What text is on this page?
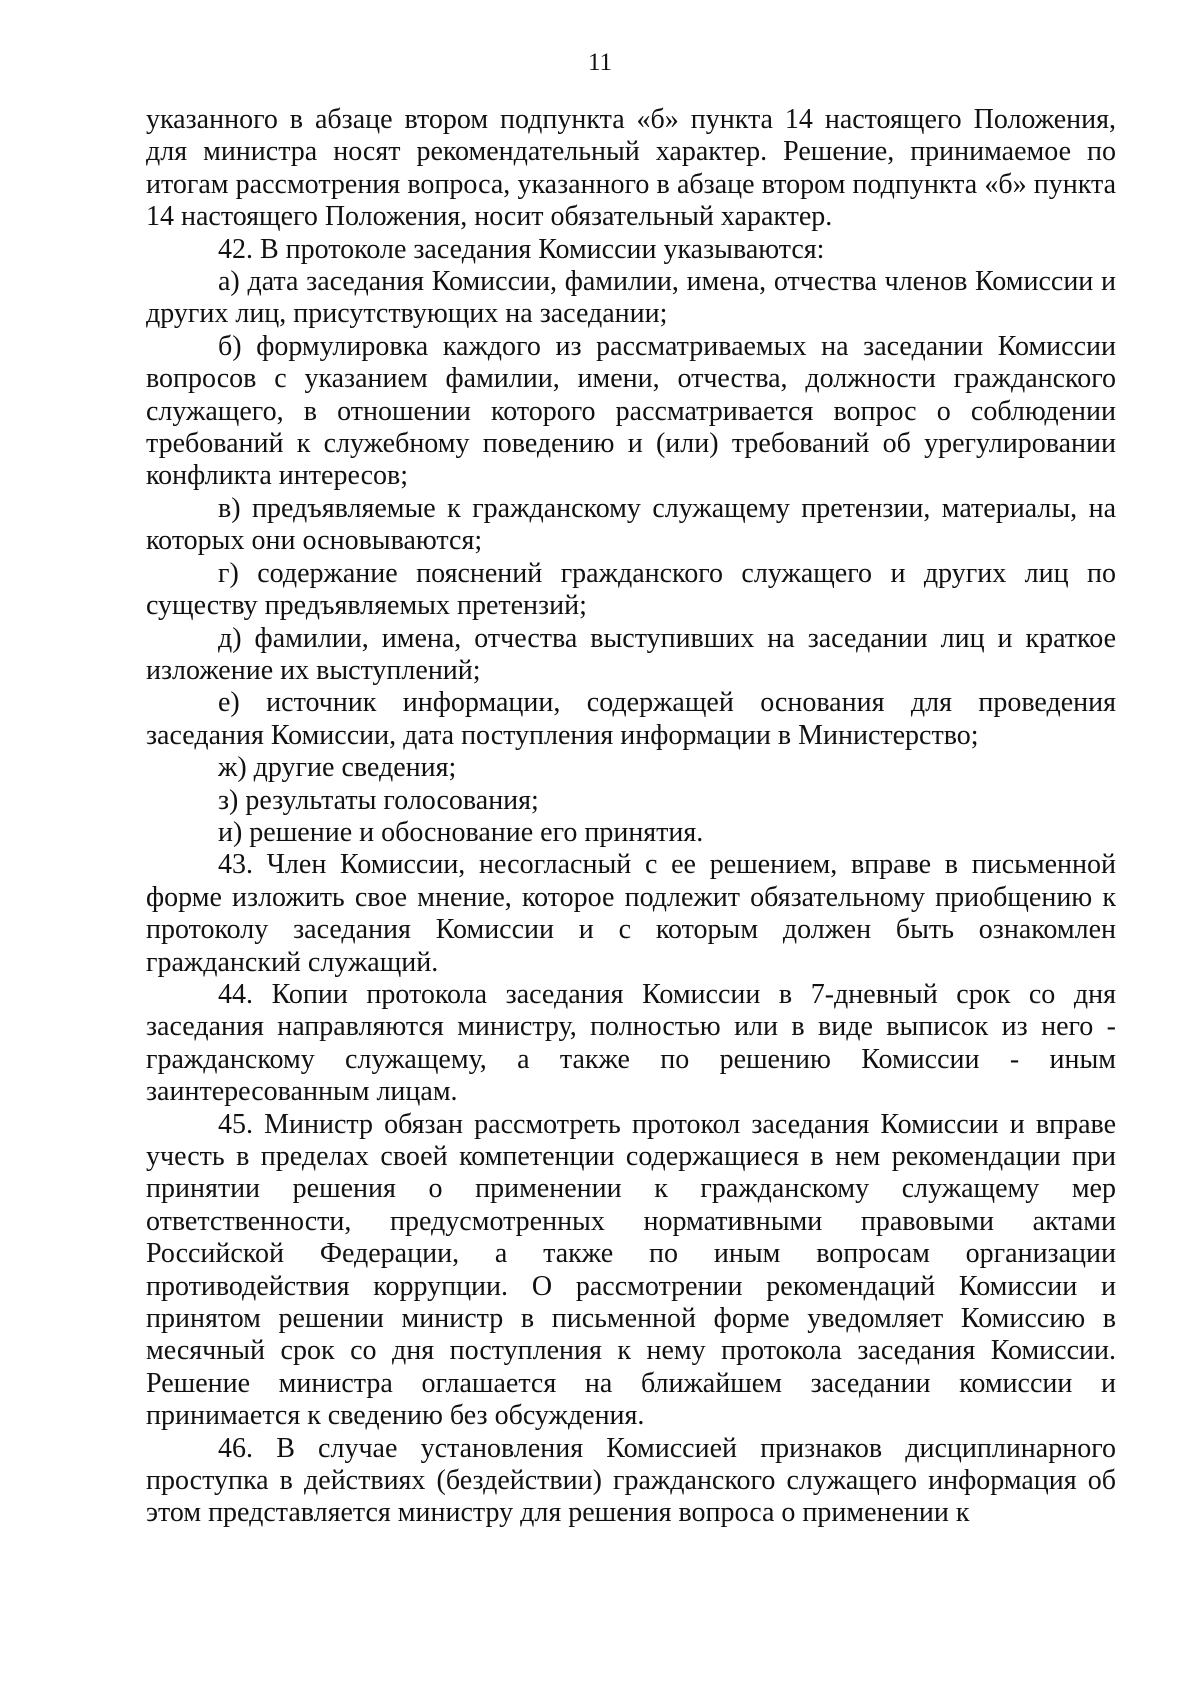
11

указанного в абзаце втором подпункта «б» пункта 14 настоящего Положения, для министра носят рекомендательный характер. Решение, принимаемое по итогам рассмотрения вопроса, указанного в абзаце втором подпункта «б» пункта 14 настоящего Положения, носит обязательный характер.

42. В протоколе заседания Комиссии указываются:

а) дата заседания Комиссии, фамилии, имена, отчества членов Комиссии и других лиц, присутствующих на заседании;

б) формулировка каждого из рассматриваемых на заседании Комиссии вопросов с указанием фамилии, имени, отчества, должности гражданского служащего, в отношении которого рассматривается вопрос о соблюдении требований к служебному поведению и (или) требований об урегулировании конфликта интересов;

в) предъявляемые к гражданскому служащему претензии, материалы, на которых они основываются;

г) содержание пояснений гражданского служащего и других лиц по существу предъявляемых претензий;

д) фамилии, имена, отчества выступивших на заседании лиц и краткое изложение их выступлений;

е) источник информации, содержащей основания для проведения заседания Комиссии, дата поступления информации в Министерство;

ж) другие сведения;

з) результаты голосования;

и) решение и обоснование его принятия.

43. Член Комиссии, несогласный с ее решением, вправе в письменной форме изложить свое мнение, которое подлежит обязательному приобщению к протоколу заседания Комиссии и с которым должен быть ознакомлен гражданский служащий.

44. Копии протокола заседания Комиссии в 7-дневный срок со дня заседания направляются министру, полностью или в виде выписок из него - гражданскому служащему, а также по решению Комиссии - иным заинтересованным лицам.

45. Министр обязан рассмотреть протокол заседания Комиссии и вправе учесть в пределах своей компетенции содержащиеся в нем рекомендации при принятии решения о применении к гражданскому служащему мер ответственности, предусмотренных нормативными правовыми актами Российской Федерации, а также по иным вопросам организации противодействия коррупции. О рассмотрении рекомендаций Комиссии и принятом решении министр в письменной форме уведомляет Комиссию в месячный срок со дня поступления к нему протокола заседания Комиссии. Решение министра оглашается на ближайшем заседании комиссии и принимается к сведению без обсуждения.

46. В случае установления Комиссией признаков дисциплинарного проступка в действиях (бездействии) гражданского служащего информация об этом представляется министру для решения вопроса о применении к
